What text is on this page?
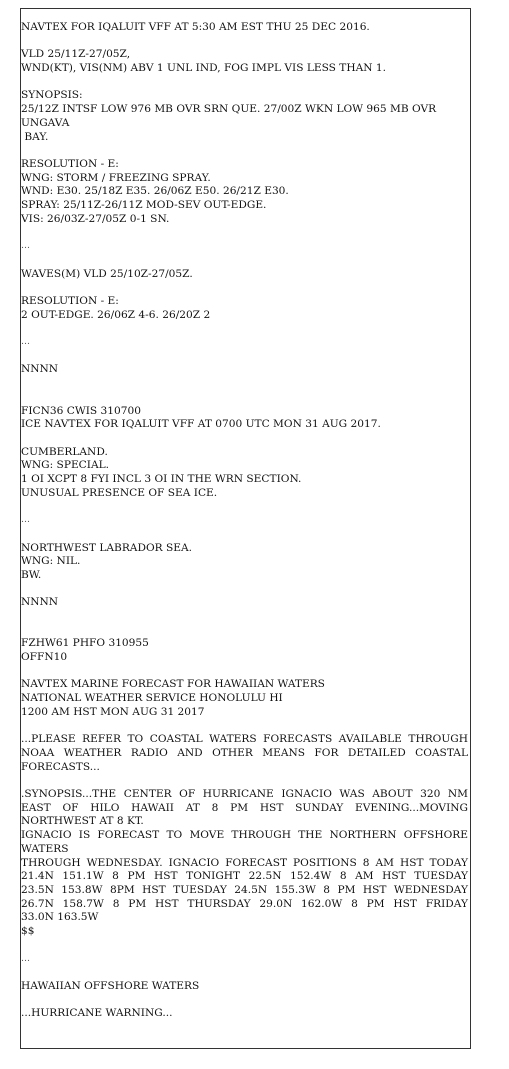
NAVTEX FOR IQALUIT VFF AT 5:30 AM EST THU 25 DEC 2016.
VLD 25/11Z-27/05Z,
WND(KT), VIS(NM) ABV 1 UNL IND, FOG IMPL VIS LESS THAN 1.
SYNOPSIS:
25/12Z INTSF LOW 976 MB OVR SRN QUE. 27/00Z WKN LOW 965 MB OVR
UNGAVA
BAY.
RESOLUTION - E:
WNG: STORM / FREEZING SPRAY.
WND: E30. 25/18Z E35. 26/06Z E50. 26/21Z E30.
SPRAY: 25/11Z-26/11Z MOD-SEV OUT-EDGE.
VIS: 26/03Z-27/05Z 0-1 SN.
…
WAVES(M) VLD 25/10Z-27/05Z.
RESOLUTION - E:
2 OUT-EDGE. 26/06Z 4-6. 26/20Z 2
…
NNNN
FICN36 CWIS 310700
ICE NAVTEX FOR IQALUIT VFF AT 0700 UTC MON 31 AUG 2017.
CUMBERLAND.
WNG: SPECIAL.
1 OI XCPT 8 FYI INCL 3 OI IN THE WRN SECTION.
UNUSUAL PRESENCE OF SEA ICE.
…
NORTHWEST LABRADOR SEA.
WNG: NIL.
BW.
NNNN
FZHW61 PHFO 310955
OFFN10
NAVTEX MARINE FORECAST FOR HAWAIIAN WATERS
NATIONAL WEATHER SERVICE HONOLULU HI
1200 AM HST MON AUG 31 2017
...PLEASE REFER TO COASTAL WATERS FORECASTS AVAILABLE THROUGH
NOAA WEATHER RADIO AND OTHER MEANS FOR DETAILED COASTAL
FORECASTS...
.SYNOPSIS...THE CENTER OF HURRICANE IGNACIO WAS ABOUT 320 NM
EAST OF HILO HAWAII AT 8 PM HST SUNDAY EVENING...MOVING
NORTHWEST AT 8 KT.
IGNACIO IS FORECAST TO MOVE THROUGH THE NORTHERN OFFSHORE
WATERS
THROUGH WEDNESDAY. IGNACIO FORECAST POSITIONS 8 AM HST TODAY
21.4N 151.1W 8 PM HST TONIGHT 22.5N 152.4W 8 AM HST TUESDAY
23.5N 153.8W 8PM HST TUESDAY 24.5N 155.3W 8 PM HST WEDNESDAY
26.7N 158.7W 8 PM HST THURSDAY 29.0N 162.0W 8 PM HST FRIDAY
33.0N 163.5W
$$
…
HAWAIIAN OFFSHORE WATERS
...HURRICANE WARNING...
